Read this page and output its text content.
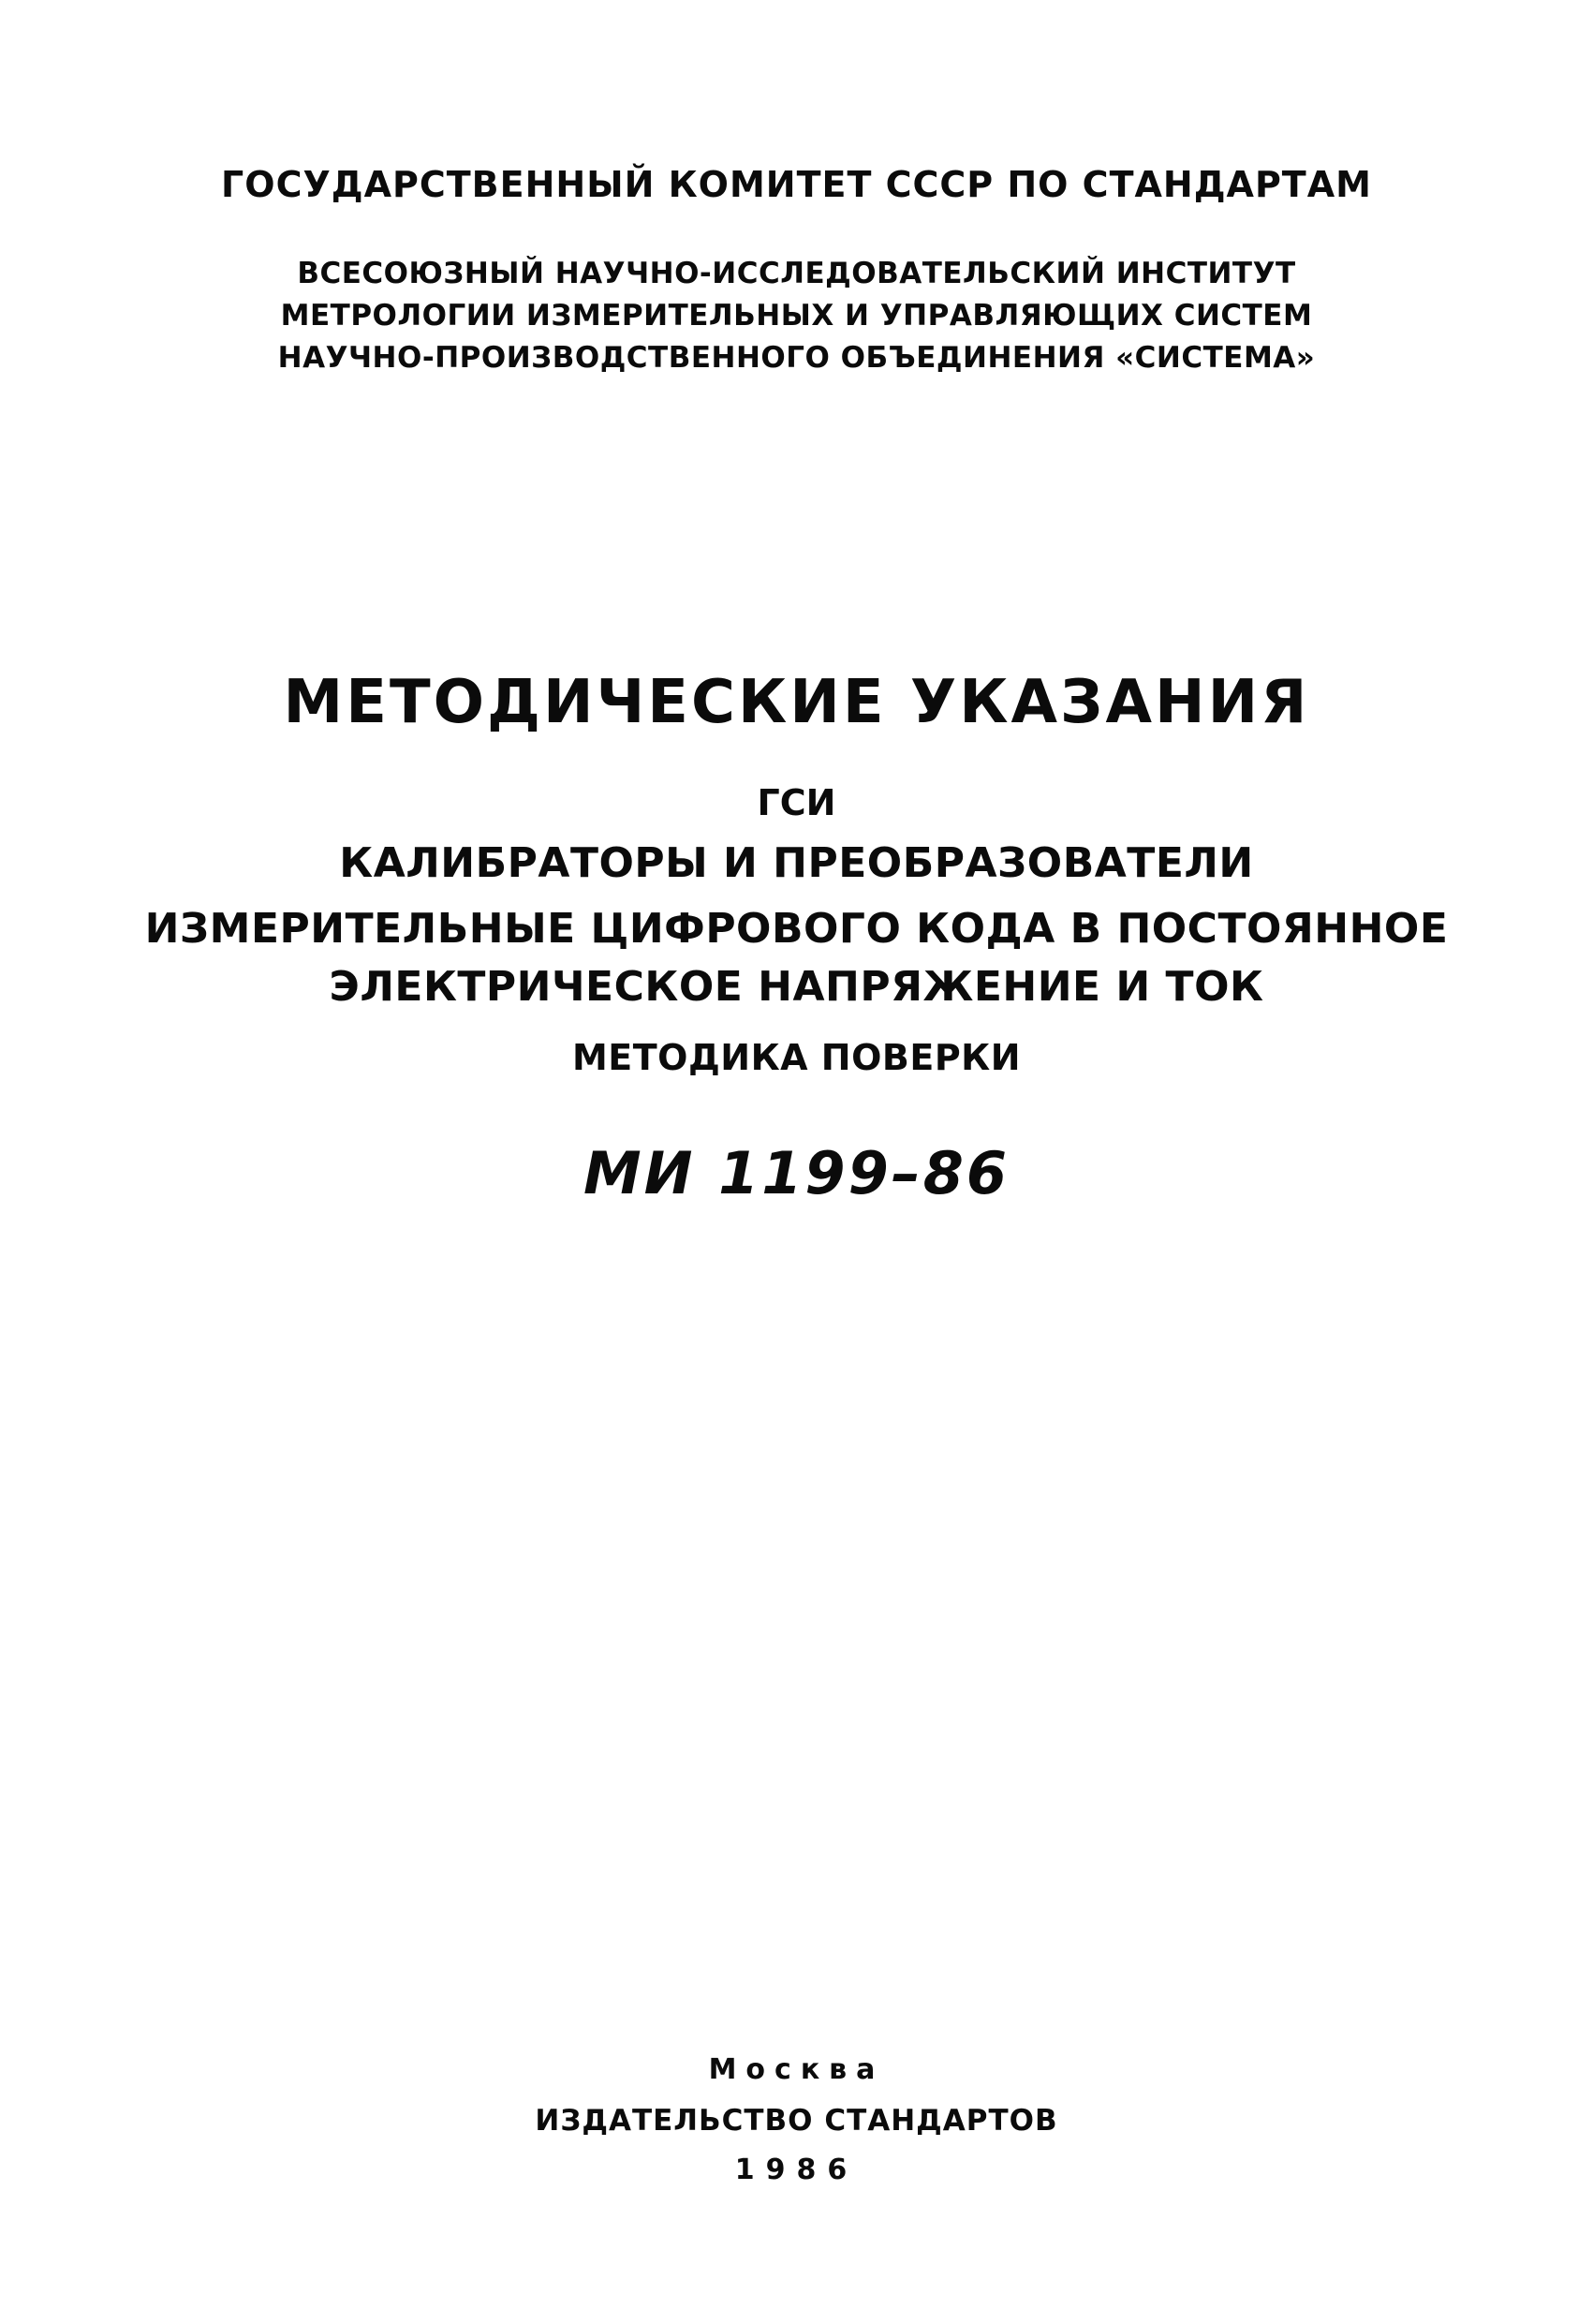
ГОСУДАРСТВЕННЫЙ КОМИТЕТ СССР ПО СТАНДАРТАМ
ВСЕСОЮЗНЫЙ НАУЧНО-ИССЛЕДОВАТЕЛЬСКИЙ ИНСТИТУТ
МЕТРОЛОГИИ ИЗМЕРИТЕЛЬНЫХ И УПРАВЛЯЮЩИХ СИСТЕМ
НАУЧНО-ПРОИЗВОДСТВЕННОГО ОБЪЕДИНЕНИЯ «СИСТЕМА»
МЕТОДИЧЕСКИЕ УКАЗАНИЯ
ГСИ
КАЛИБРАТОРЫ И ПРЕОБРАЗОВАТЕЛИ
ИЗМЕРИТЕЛЬНЫЕ ЦИФРОВОГО КОДА В ПОСТОЯННОЕ
ЭЛЕКТРИЧЕСКОЕ НАПРЯЖЕНИЕ И ТОК
МЕТОДИКА ПОВЕРКИ
МИ 1199–86
Москва
ИЗДАТЕЛЬСТВО СТАНДАРТОВ
1986
